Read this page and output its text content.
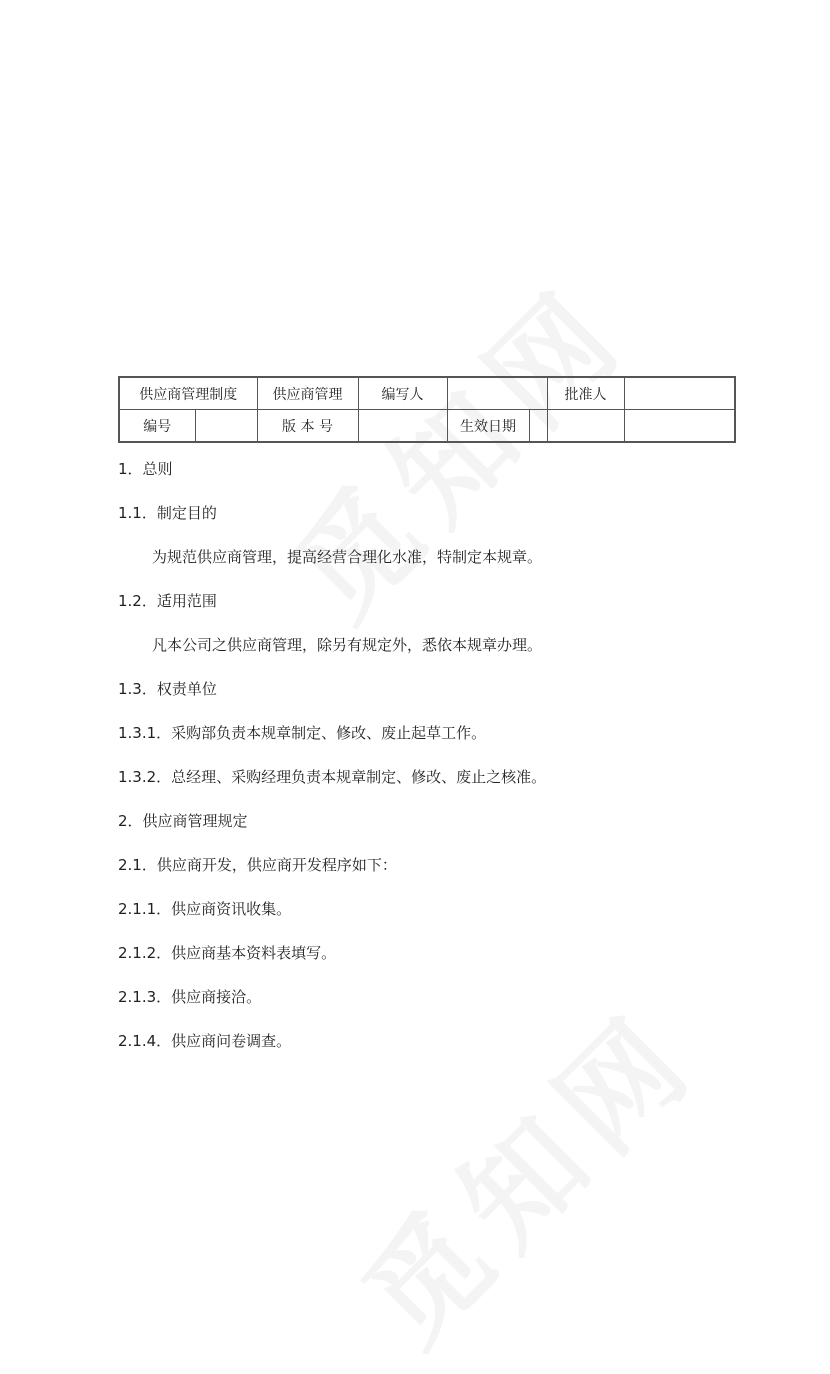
供应商管理制度		供应商管理	编写人			批准人

编号		版 本 号		生效日期		
1．总则
1.1．制定目的
为规范供应商管理，提高经营合理化水准，特制定本规章。
1.2．适用范围
凡本公司之供应商管理，除另有规定外，悉依本规章办理。
1.3．权责单位
1.3.1．采购部负责本规章制定、修改、废止起草工作。
1.3.2．总经理、采购经理负责本规章制定、修改、废止之核准。
2．供应商管理规定
2.1．供应商开发，供应商开发程序如下：
2.1.1．供应商资讯收集。
2.1.2．供应商基本资料表填写。
2.1.3．供应商接洽。
2.1.4．供应商问卷调查。
